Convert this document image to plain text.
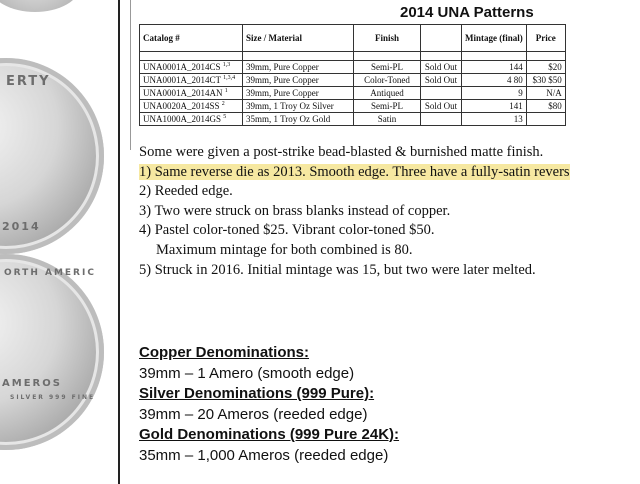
ERTY
2014
ORTH AMERIC
AMEROS
SILVER 999 FINE
2014 UNA Patterns
Catalog #	Size / Material	Finish		Mintage (final)	Price

UNA0001A_2014CS $^{1,3}$	39mm, Pure Copper	Semi-PL	Sold Out	144	$20
UNA0001A_2014CT $^{1,3,4}$	39mm, Pure Copper	Color-Toned	Sold Out	4 80	$30 $50
UNA0001A_2014AN $^1$	39mm, Pure Copper	Antiqued		9	N/A
UNA0020A_2014SS $^2$	39mm, 1 Troy Oz Silver	Semi-PL	Sold Out	141	$80
UNA1000A_2014GS $^5$	35mm, 1 Troy Oz Gold	Satin		13	
Some were given a post-strike bead-blasted & burnished matte finish.
1) Same reverse die as 2013. Smooth edge. Three have a fully-satin revers
2) Reeded edge.
3) Two were struck on brass blanks instead of copper.
4) Pastel color-toned $25. Vibrant color-toned $50.
Maximum mintage for both combined is 80.
5) Struck in 2016. Initial mintage was 15, but two were later melted.
Copper Denominations:
39mm – 1 Amero (smooth edge)
Silver Denominations (999 Pure):
39mm – 20 Ameros (reeded edge)
Gold Denominations (999 Pure 24K):
35mm – 1,000 Ameros (reeded edge)
